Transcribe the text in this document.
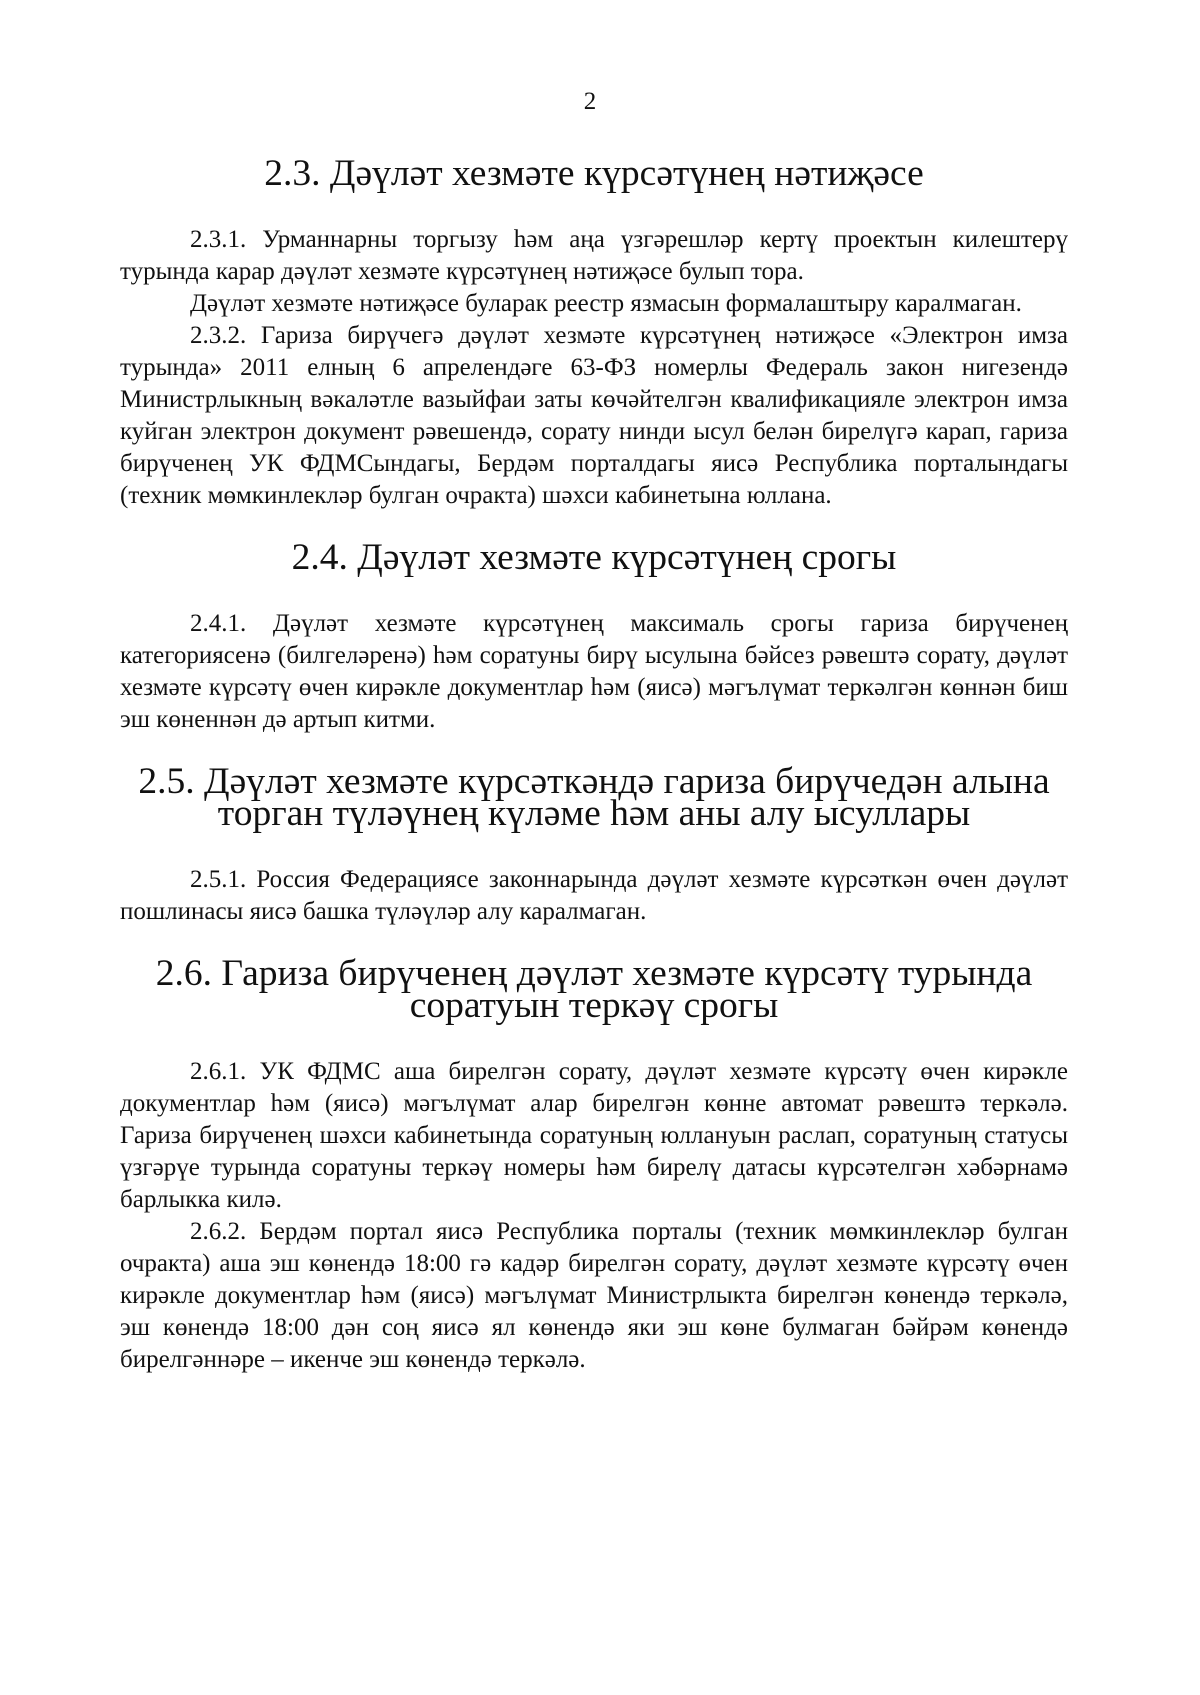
2
2.3. Дәүләт хезмәте күрсәтүнең нәтиҗәсе

2.3.1. Урманнарны торгызу һәм аңа үзгәрешләр кертү проектын килештерү турында карар дәүләт хезмәте күрсәтүнең нәтиҗәсе булып тора.

Дәүләт хезмәте нәтиҗәсе буларак реестр язмасын формалаштыру каралмаган.

2.3.2. Гариза бирүчегә дәүләт хезмәте күрсәтүнең нәтиҗәсе «Электрон имза турында» 2011 елның 6 апрелендәге 63-ФЗ номерлы Федераль закон нигезендә Министрлыкның вәкаләтле вазыйфаи заты көчәйтелгән квалификацияле электрон имза куйган электрон документ рәвешендә, сорату нинди ысул белән бирелүгә карап, гариза бирүченең УК ФДМСындагы, Бердәм порталдагы яисә Республика порталындагы (техник мөмкинлекләр булган очракта) шәхси кабинетына юллана.

2.4. Дәүләт хезмәте күрсәтүнең срогы

2.4.1. Дәүләт хезмәте күрсәтүнең максималь срогы гариза бирүченең категориясенә (билгеләренә) һәм соратуны бирү ысулына бәйсез рәвештә сорату, дәүләт хезмәте күрсәтү өчен кирәкле документлар һәм (яисә) мәгълүмат теркәлгән көннән биш эш көненнән дә артып китми.

2.5. Дәүләт хезмәте күрсәткәндә гариза бирүчедән алына торган түләүнең күләме һәм аны алу ысуллары

2.5.1. Россия Федерациясе законнарында дәүләт хезмәте күрсәткән өчен дәүләт пошлинасы яисә башка түләүләр алу каралмаган.

2.6. Гариза бирүченең дәүләт хезмәте күрсәтү турында соратуын теркәү срогы

2.6.1. УК ФДМС аша бирелгән сорату, дәүләт хезмәте күрсәтү өчен кирәкле документлар һәм (яисә) мәгълүмат алар бирелгән көнне автомат рәвештә теркәлә. Гариза бирүченең шәхси кабинетында соратуның юллануын раслап, соратуның статусы үзгәрүе турында соратуны теркәү номеры һәм бирелү датасы күрсәтелгән хәбәрнамә барлыкка килә.

2.6.2. Бердәм портал яисә Республика порталы (техник мөмкинлекләр булган очракта) аша эш көнендә 18:00 гә кадәр бирелгән сорату, дәүләт хезмәте күрсәтү өчен кирәкле документлар һәм (яисә) мәгълүмат Министрлыкта бирелгән көнендә теркәлә, эш көнендә 18:00 дән соң яисә ял көнендә яки эш көне булмаган бәйрәм көнендә бирелгәннәре – икенче эш көнендә теркәлә.
